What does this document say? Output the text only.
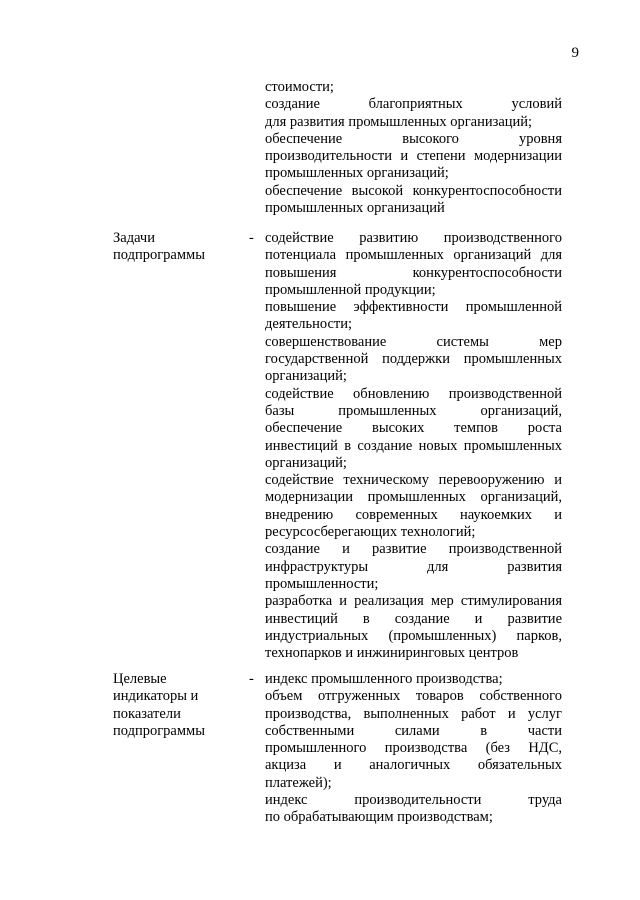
9
стоимости;
создание благоприятных условий
для развития промышленных организаций;
обеспечение высокого уровня
производительности и степени модернизации
промышленных организаций;
обеспечение высокой конкурентоспособности
промышленных организаций
Задачи
подпрограммы
- содействие развитию производственного
потенциала промышленных организаций для
повышения конкурентоспособности
промышленной продукции;
повышение эффективности промышленной
деятельности;
совершенствование системы мер
государственной поддержки промышленных
организаций;
содействие обновлению производственной
базы промышленных организаций,
обеспечение высоких темпов роста
инвестиций в создание новых промышленных
организаций;
содействие техническому перевооружению и
модернизации промышленных организаций,
внедрению современных наукоемких и
ресурсосберегающих технологий;
создание и развитие производственной
инфраструктуры для развития
промышленности;
разработка и реализация мер стимулирования
инвестиций в создание и развитие
индустриальных (промышленных) парков,
технопарков и инжиниринговых центров
Целевые
индикаторы и
показатели
подпрограммы
- индекс промышленного производства;
объем отгруженных товаров собственного
производства, выполненных работ и услуг
собственными силами в части
промышленного производства (без НДС,
акциза и аналогичных обязательных
платежей);
индекс производительности труда
по обрабатывающим производствам;
